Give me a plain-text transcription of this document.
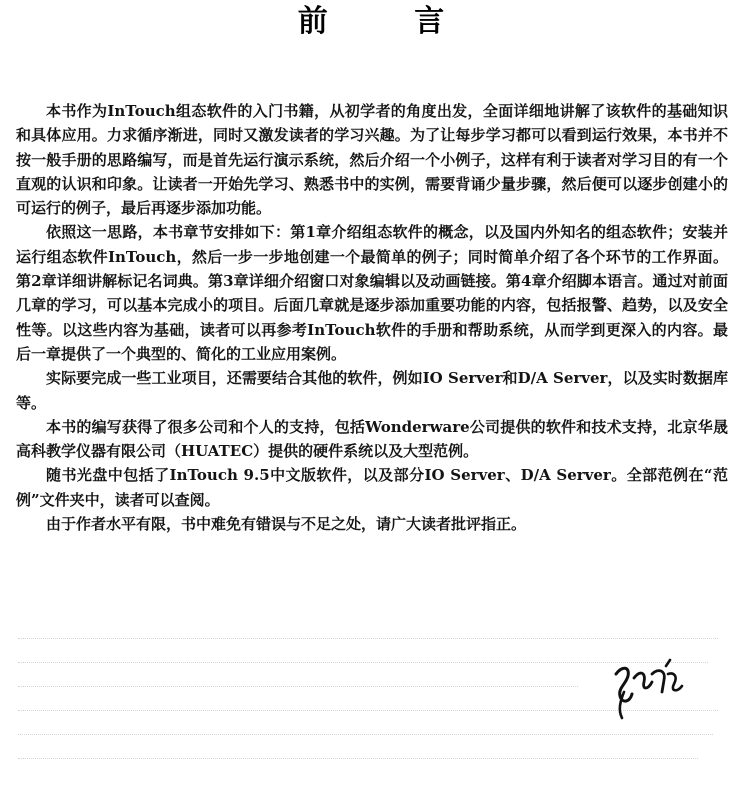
前 言

本书作为InTouch组态软件的入门书籍，从初学者的角度出发，全面详细地讲解了该软件的基础知识和具体应用。力求循序渐进，同时又激发读者的学习兴趣。为了让每步学习都可以看到运行效果，本书并不按一般手册的思路编写，而是首先运行演示系统，然后介绍一个小例子，这样有利于读者对学习目的有一个直观的认识和印象。让读者一开始先学习、熟悉书中的实例，需要背诵少量步骤，然后便可以逐步创建小的可运行的例子，最后再逐步添加功能。

依照这一思路，本书章节安排如下：第1章介绍组态软件的概念，以及国内外知名的组态软件；安装并运行组态软件InTouch，然后一步一步地创建一个最简单的例子；同时简单介绍了各个环节的工作界面。第2章详细讲解标记名词典。第3章详细介绍窗口对象编辑以及动画链接。第4章介绍脚本语言。通过对前面几章的学习，可以基本完成小的项目。后面几章就是逐步添加重要功能的内容，包括报警、趋势，以及安全性等。以这些内容为基础，读者可以再参考InTouch软件的手册和帮助系统，从而学到更深入的内容。最后一章提供了一个典型的、简化的工业应用案例。

实际要完成一些工业项目，还需要结合其他的软件，例如IO Server和D/A Server，以及实时数据库等。

本书的编写获得了很多公司和个人的支持，包括Wonderware公司提供的软件和技术支持，北京华晟高科教学仪器有限公司（HUATEC）提供的硬件系统以及大型范例。

随书光盘中包括了InTouch 9.5中文版软件，以及部分IO Server、D/A Server。全部范例在“范例”文件夹中，读者可以查阅。

由于作者水平有限，书中难免有错误与不足之处，请广大读者批评指正。
